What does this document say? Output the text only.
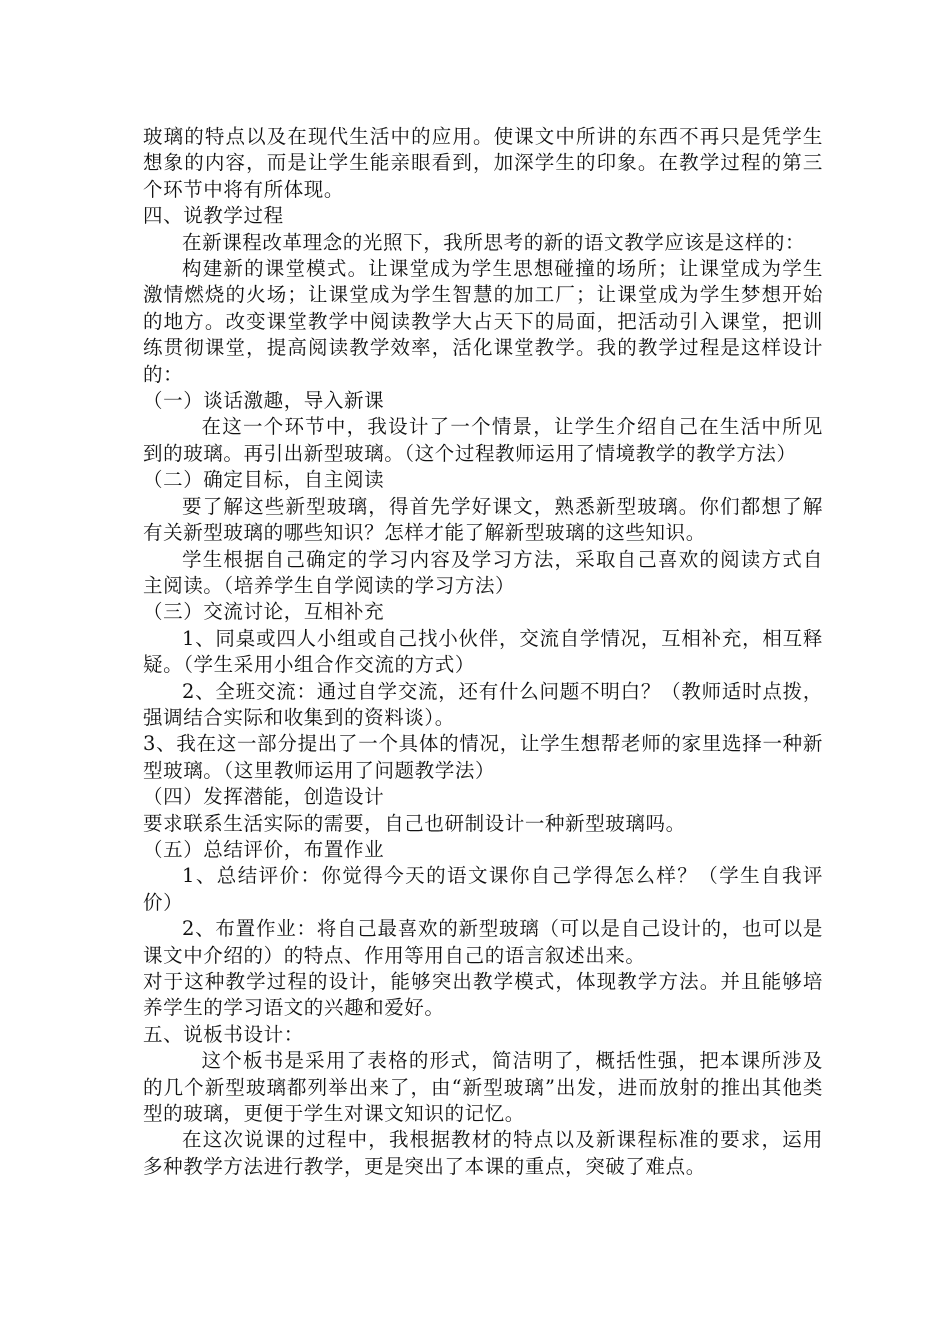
玻璃的特点以及在现代生活中的应用。使课文中所讲的东西不再只是凭学生想象的内容，而是让学生能亲眼看到，加深学生的印象。在教学过程的第三个环节中将有所体现。

四、说教学过程

在新课程改革理念的光照下，我所思考的新的语文教学应该是这样的：

构建新的课堂模式。让课堂成为学生思想碰撞的场所；让课堂成为学生激情燃烧的火场；让课堂成为学生智慧的加工厂；让课堂成为学生梦想开始的地方。改变课堂教学中阅读教学大占天下的局面，把活动引入课堂，把训练贯彻课堂，提高阅读教学效率，活化课堂教学。我的教学过程是这样设计的：

（一）谈话激趣，导入新课

在这一个环节中，我设计了一个情景，让学生介绍自己在生活中所见到的玻璃。再引出新型玻璃。（这个过程教师运用了情境教学的教学方法）

（二）确定目标，自主阅读

要了解这些新型玻璃，得首先学好课文，熟悉新型玻璃。你们都想了解有关新型玻璃的哪些知识？怎样才能了解新型玻璃的这些知识。

学生根据自己确定的学习内容及学习方法，采取自己喜欢的阅读方式自主阅读。（培养学生自学阅读的学习方法）

（三）交流讨论，互相补充

1、同桌或四人小组或自己找小伙伴，交流自学情况，互相补充，相互释疑。（学生采用小组合作交流的方式）

2、全班交流：通过自学交流，还有什么问题不明白？（教师适时点拨，强调结合实际和收集到的资料谈）。

3、我在这一部分提出了一个具体的情况，让学生想帮老师的家里选择一种新型玻璃。（这里教师运用了问题教学法）

（四）发挥潜能，创造设计

要求联系生活实际的需要，自己也研制设计一种新型玻璃吗。

（五）总结评价，布置作业

1、总结评价：你觉得今天的语文课你自己学得怎么样？（学生自我评价）

2、布置作业：将自己最喜欢的新型玻璃（可以是自己设计的，也可以是课文中介绍的）的特点、作用等用自己的语言叙述出来。

对于这种教学过程的设计，能够突出教学模式，体现教学方法。并且能够培养学生的学习语文的兴趣和爱好。

五、说板书设计：

这个板书是采用了表格的形式，简洁明了，概括性强，把本课所涉及的几个新型玻璃都列举出来了，由“新型玻璃”出发，进而放射的推出其他类型的玻璃，更便于学生对课文知识的记忆。

在这次说课的过程中，我根据教材的特点以及新课程标准的要求，运用多种教学方法进行教学，更是突出了本课的重点，突破了难点。
